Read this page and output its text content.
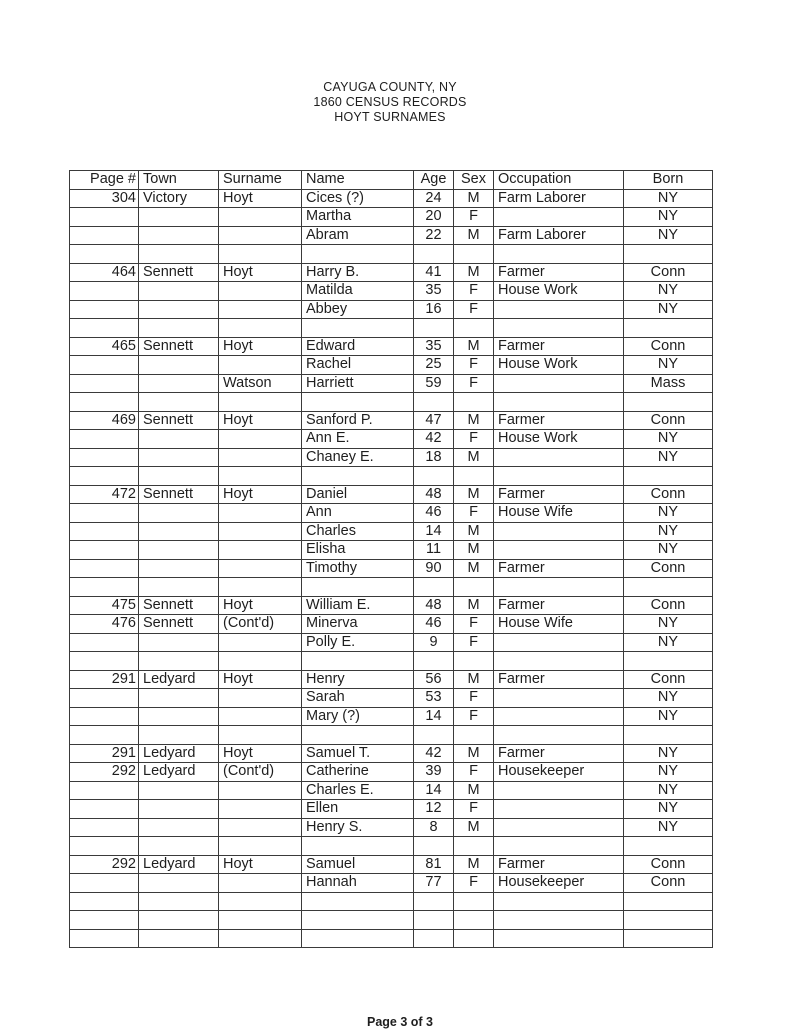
CAYUGA COUNTY, NY
1860 CENSUS RECORDS
HOYT SURNAMES
Page #	Town	Surname	Name	Age	Sex	Occupation	Born
304	Victory	Hoyt	Cices (?)	24	M	Farm Laborer	NY
			Martha	20	F		NY
			Abram	22	M	Farm Laborer	NY

464	Sennett	Hoyt	Harry B.	41	M	Farmer	Conn
			Matilda	35	F	House Work	NY
			Abbey	16	F		NY

465	Sennett	Hoyt	Edward	35	M	Farmer	Conn
			Rachel	25	F	House Work	NY
		Watson	Harriett	59	F		Mass

469	Sennett	Hoyt	Sanford P.	47	M	Farmer	Conn
			Ann E.	42	F	House Work	NY
			Chaney E.	18	M		NY

472	Sennett	Hoyt	Daniel	48	M	Farmer	Conn
			Ann	46	F	House Wife	NY
			Charles	14	M		NY
			Elisha	11	M		NY
			Timothy	90	M	Farmer	Conn

475	Sennett	Hoyt	William E.	48	M	Farmer	Conn
476	Sennett	(Cont'd)	Minerva	46	F	House Wife	NY
			Polly E.	9	F		NY

291	Ledyard	Hoyt	Henry	56	M	Farmer	Conn
			Sarah	53	F		NY
			Mary (?)	14	F		NY

291	Ledyard	Hoyt	Samuel T.	42	M	Farmer	NY
292	Ledyard	(Cont'd)	Catherine	39	F	Housekeeper	NY
			Charles E.	14	M		NY
			Ellen	12	F		NY
			Henry S.	8	M		NY

292	Ledyard	Hoyt	Samuel	81	M	Farmer	Conn
			Hannah	77	F	Housekeeper	Conn

Page 3 of 3
